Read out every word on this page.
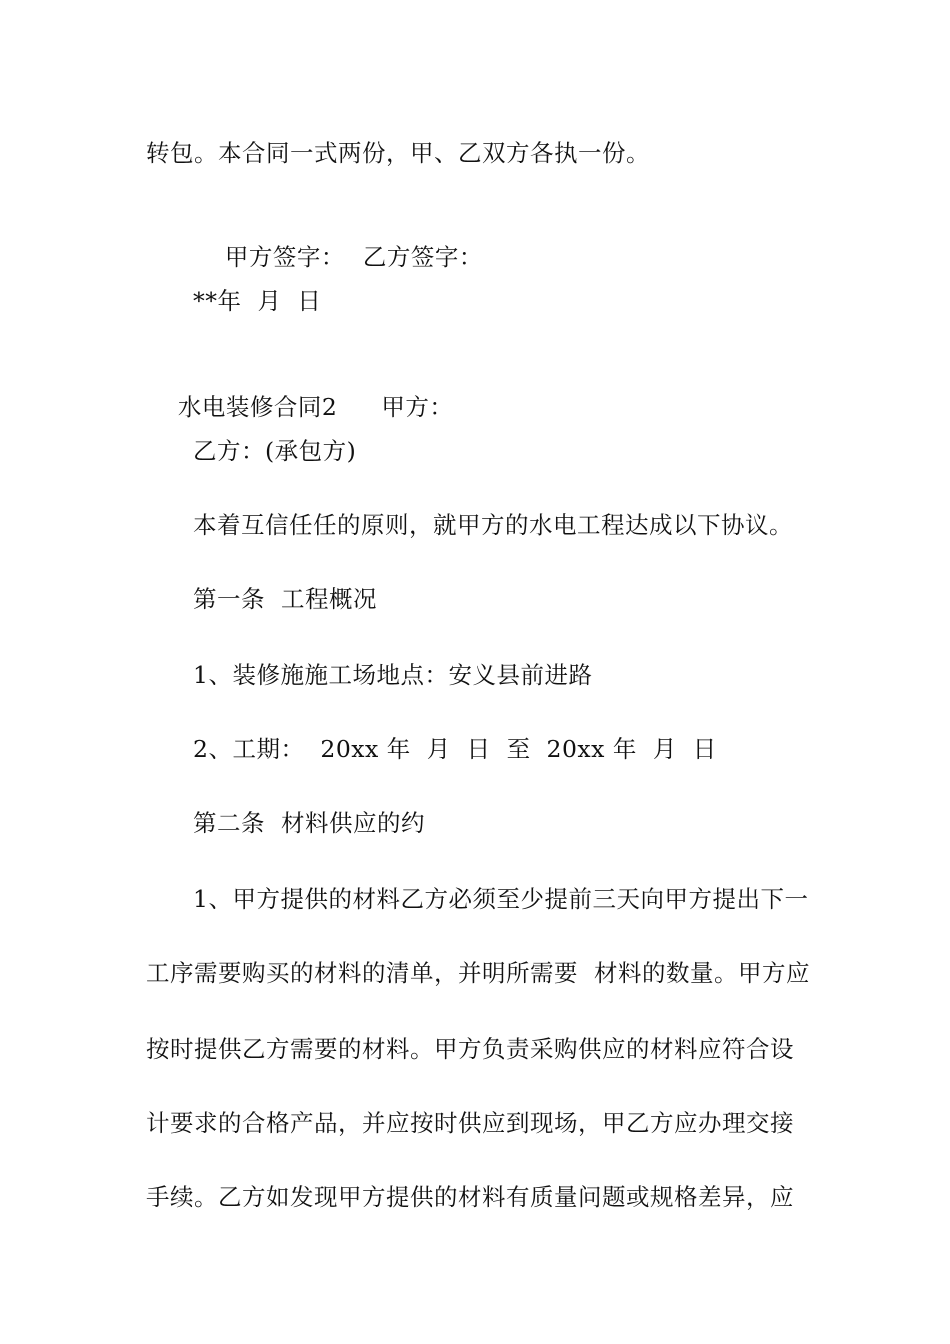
转包。本合同一式两份，甲、乙双方各执一份。

甲方签字： 乙方签字：

**年  月  日

水电装修合同2 甲方：

乙方：(承包方)
本着互信任任的原则，就甲方的水电工程达成以下协议。
第一条  工程概况
1、装修施施工场地点：安义县前进路
2、工期：  20xx 年  月  日  至  20xx 年  月  日
第二条  材料供应的约
1、甲方提供的材料乙方必须至少提前三天向甲方提出下一
工序需要购买的材料的清单，并明所需要  材料的数量。甲方应
按时提供乙方需要的材料。甲方负责采购供应的材料应符合设
计要求的合格产品，并应按时供应到现场，甲乙方应办理交接
手续。乙方如发现甲方提供的材料有质量问题或规格差异，应
